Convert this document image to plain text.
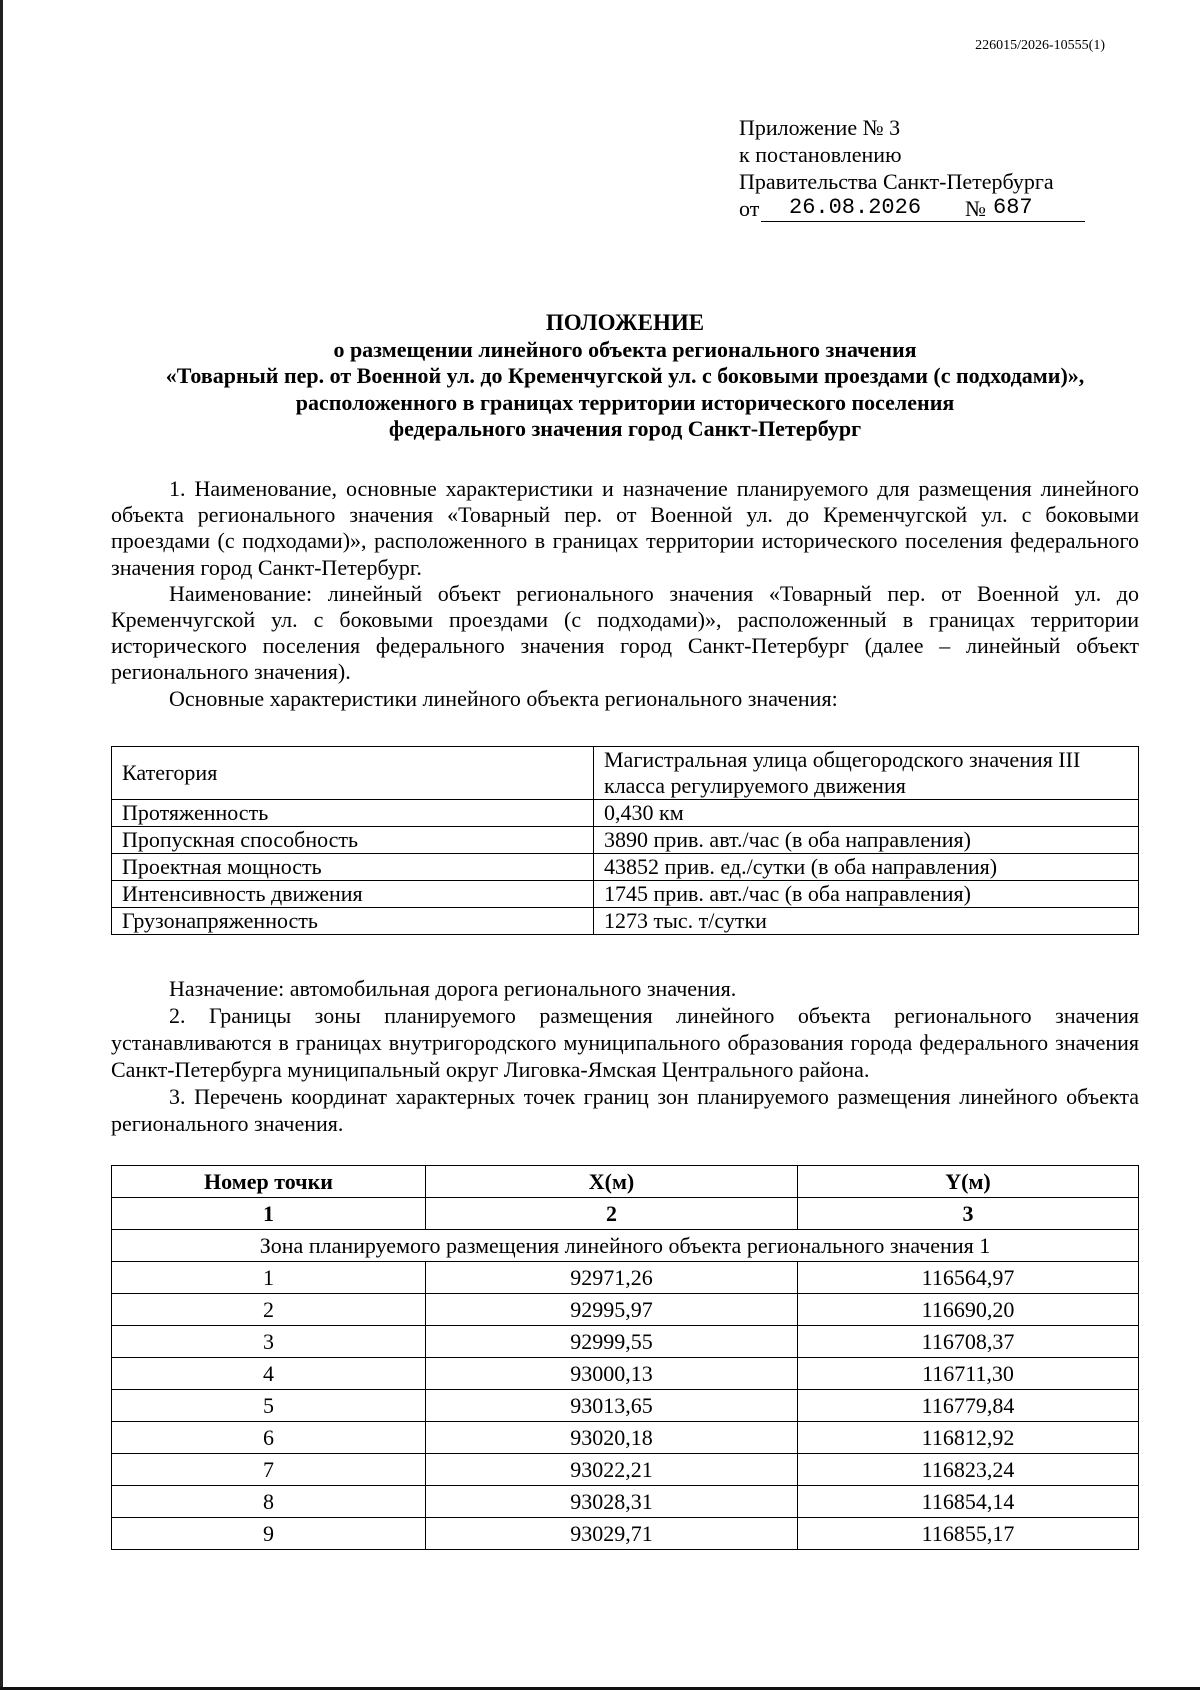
226015/2026-10555(1)
Приложение № 3
к постановлению
Правительства Санкт-Петербурга
от 26.08.2026 № 687
ПОЛОЖЕНИЕ
о размещении линейного объекта регионального значения
«Товарный пер. от Военной ул. до Кременчугской ул. с боковыми проездами (с подходами)»,
расположенного в границах территории исторического поселения
федерального значения город Санкт-Петербург

1. Наименование, основные характеристики и назначение планируемого для размещения линейного объекта регионального значения «Товарный пер. от Военной ул. до Кременчугской ул. с боковыми проездами (с подходами)», расположенного в границах территории исторического поселения федерального значения город Санкт-Петербург.

Наименование: линейный объект регионального значения «Товарный пер. от Военной ул. до Кременчугской ул. с боковыми проездами (с подходами)», расположенный в границах территории исторического поселения федерального значения город Санкт-Петербург (далее – линейный объект регионального значения).

Основные характеристики линейного объекта регионального значения:

Категория	Магистральная улица общегородского значения III класса регулируемого движения
Протяженность	0,430 км
Пропускная способность	3890 прив. авт./час (в оба направления)
Проектная мощность	43852 прив. ед./сутки (в оба направления)
Интенсивность движения	1745 прив. авт./час (в оба направления)
Грузонапряженность	1273 тыс. т/сутки

Назначение: автомобильная дорога регионального значения.

2. Границы зоны планируемого размещения линейного объекта регионального значения устанавливаются в границах внутригородского муниципального образования города федерального значения Санкт-Петербурга муниципальный округ Лиговка-Ямская Центрального района.

3. Перечень координат характерных точек границ зон планируемого размещения линейного объекта регионального значения.

Номер точки	X(м)	Y(м)
1	2	3
Зона планируемого размещения линейного объекта регионального значения 1		
1	92971,26	116564,97
2	92995,97	116690,20
3	92999,55	116708,37
4	93000,13	116711,30
5	93013,65	116779,84
6	93020,18	116812,92
7	93022,21	116823,24
8	93028,31	116854,14
9	93029,71	116855,17
